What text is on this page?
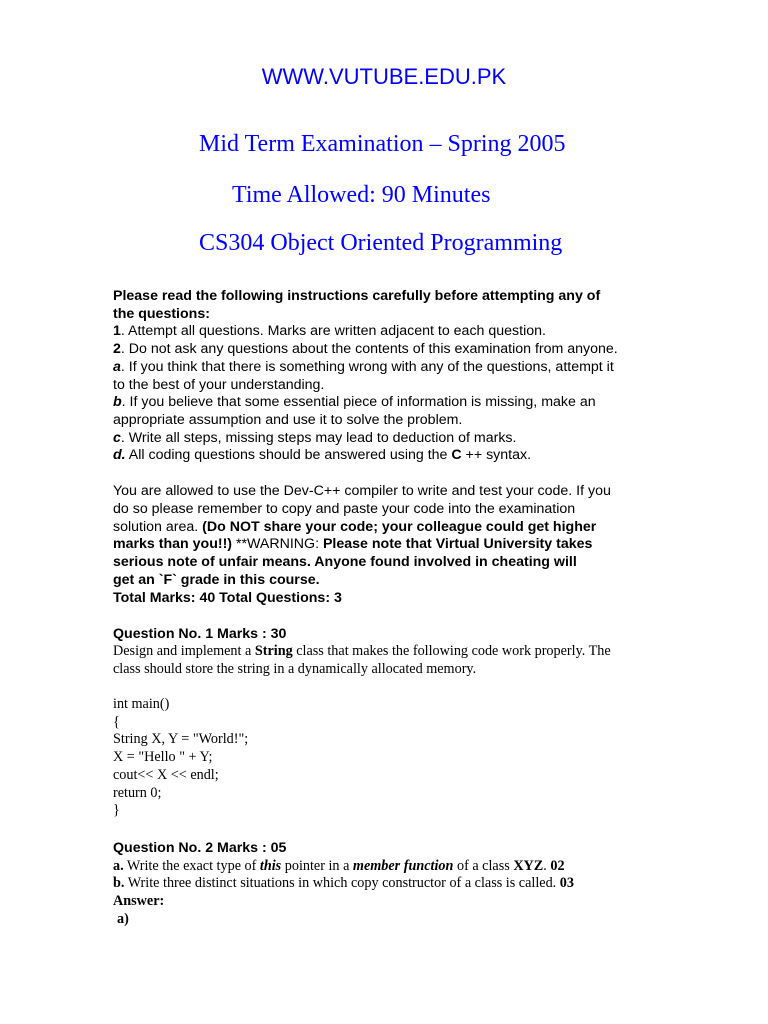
WWW.VUTUBE.EDU.PK
Mid Term Examination – Spring 2005
Time Allowed: 90 Minutes
CS304 Object Oriented Programming
Please read the following instructions carefully before attempting any of
the questions:
1. Attempt all questions. Marks are written adjacent to each question.
2. Do not ask any questions about the contents of this examination from anyone.
a. If you think that there is something wrong with any of the questions, attempt it
to the best of your understanding.
b. If you believe that some essential piece of information is missing, make an
appropriate assumption and use it to solve the problem.
c. Write all steps, missing steps may lead to deduction of marks.
d. All coding questions should be answered using the C ++ syntax.
You are allowed to use the Dev-C++ compiler to write and test your code. If you
do so please remember to copy and paste your code into the examination
solution area. (Do NOT share your code; your colleague could get higher
marks than you!!) **WARNING: Please note that Virtual University takes
serious note of unfair means. Anyone found involved in cheating will
get an `F` grade in this course.
Total Marks: 40 Total Questions: 3
Question No. 1 Marks : 30
Design and implement a String class that makes the following code work properly. The
class should store the string in a dynamically allocated memory.
int main()
{
String X, Y = "World!";
X = "Hello " + Y;
cout<< X << endl;
return 0;
}
Question No. 2 Marks : 05
a. Write the exact type of this pointer in a member function of a class XYZ. 02
b. Write three distinct situations in which copy constructor of a class is called. 03
Answer:
a)
